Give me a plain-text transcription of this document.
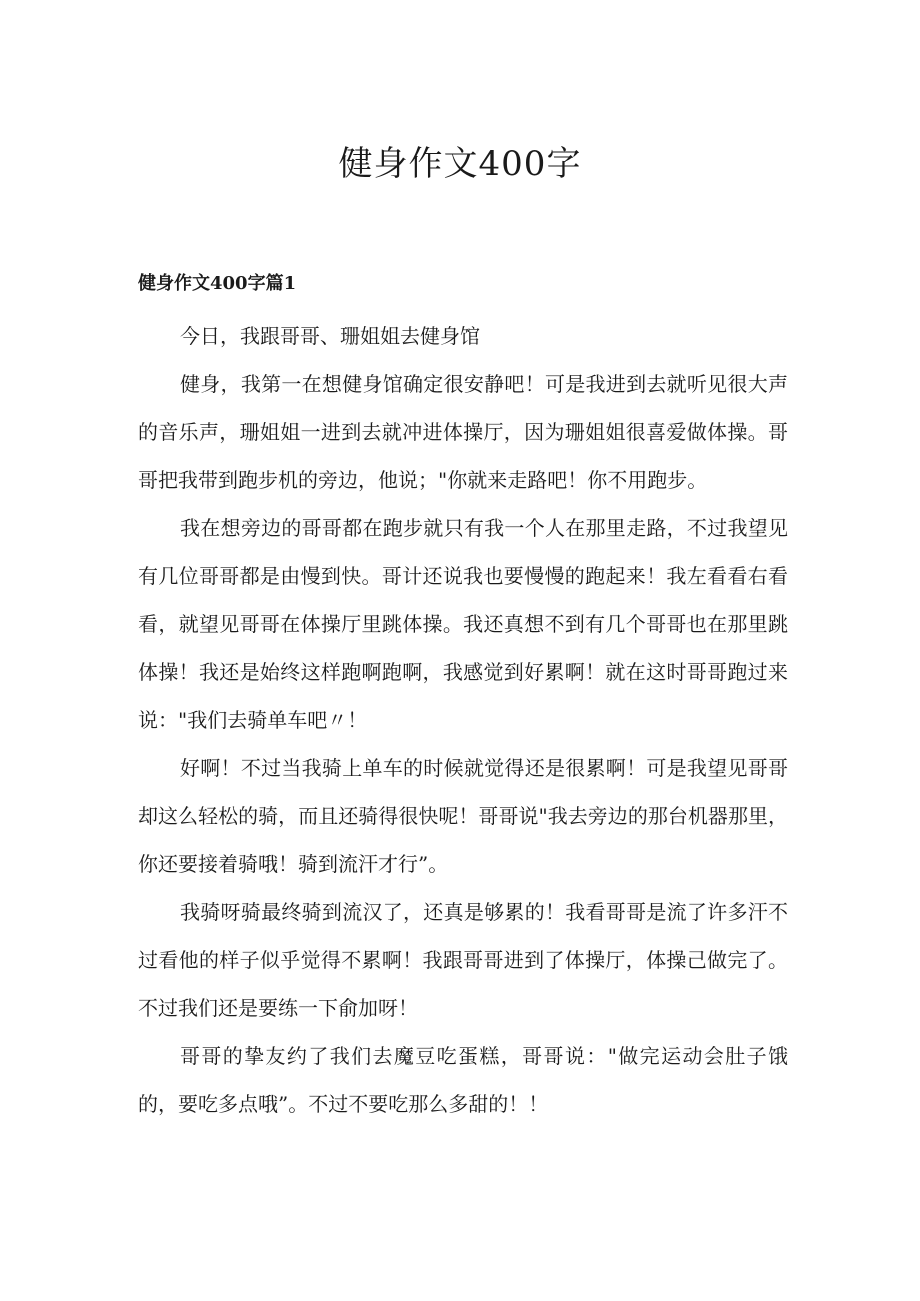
健身作文400字
健身作文400字篇1

今日，我跟哥哥、珊姐姐去健身馆

健身，我第一在想健身馆确定很安静吧！可是我进到去就听见很大声的音乐声，珊姐姐一进到去就冲进体操厅，因为珊姐姐很喜爱做体操。哥哥把我带到跑步机的旁边，他说；"你就来走路吧！你不用跑步。

我在想旁边的哥哥都在跑步就只有我一个人在那里走路，不过我望见有几位哥哥都是由慢到快。哥计还说我也要慢慢的跑起来！我左看看右看看，就望见哥哥在体操厅里跳体操。我还真想不到有几个哥哥也在那里跳体操！我还是始终这样跑啊跑啊，我感觉到好累啊！就在这时哥哥跑过来说："我们去骑单车吧〃！

好啊！不过当我骑上单车的时候就觉得还是很累啊！可是我望见哥哥却这么轻松的骑，而且还骑得很快呢！哥哥说"我去旁边的那台机器那里，你还要接着骑哦！骑到流汗才行”。

我骑呀骑最终骑到流汉了，还真是够累的！我看哥哥是流了许多汗不过看他的样子似乎觉得不累啊！我跟哥哥进到了体操厅，体操己做完了。不过我们还是要练一下俞加呀！

哥哥的挚友约了我们去魔豆吃蛋糕，哥哥说："做完运动会肚子饿的，要吃多点哦”。不过不要吃那么多甜的！！
